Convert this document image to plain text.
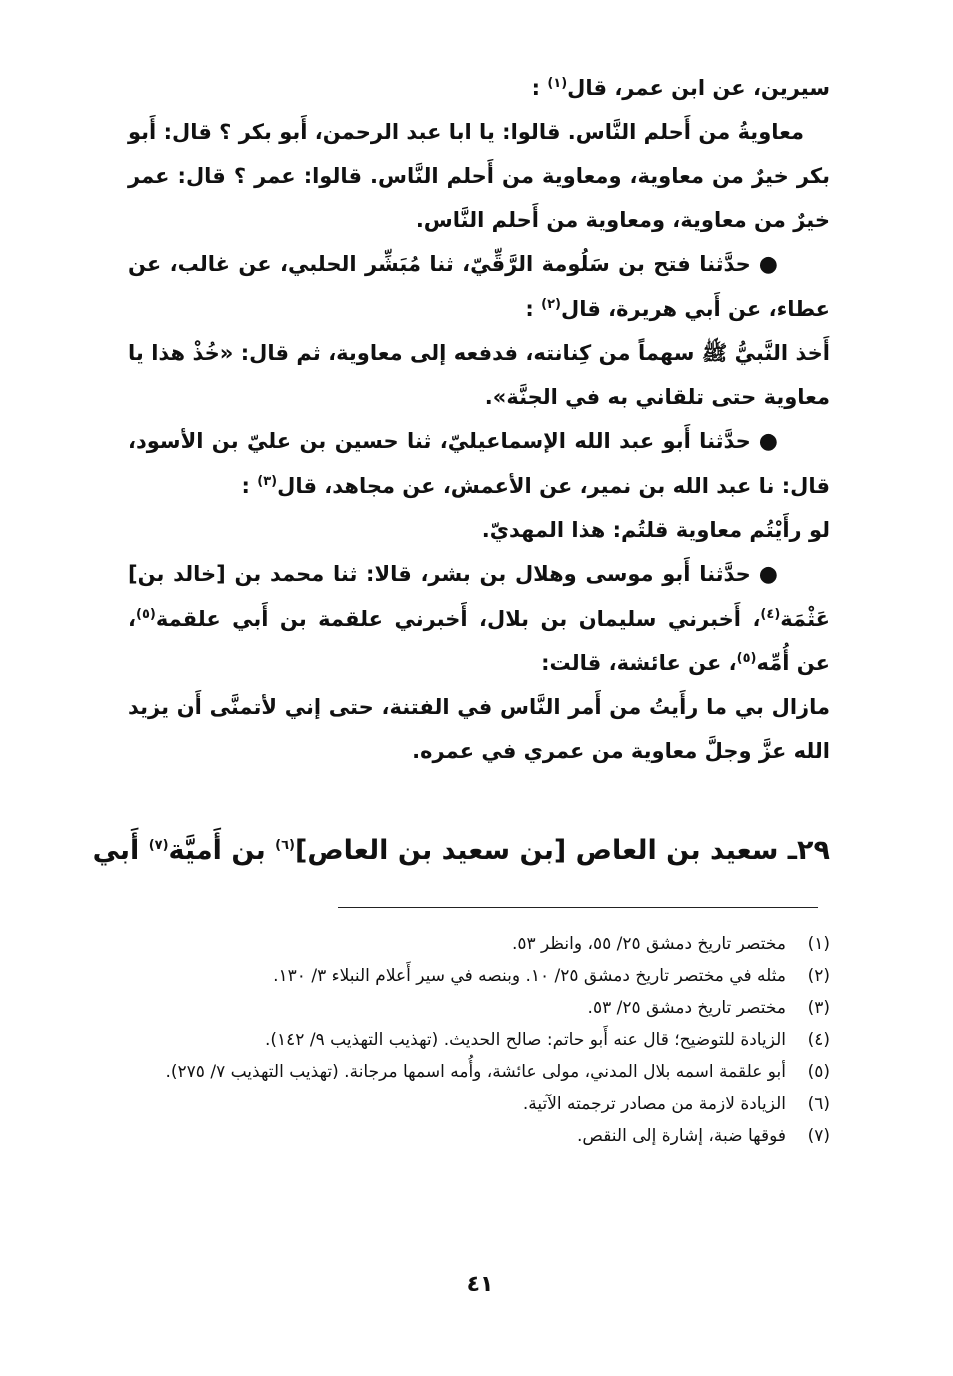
سيرين، عن ابن عمر، قال$^{(١)}$ :

معاويةُ من أَحلم النَّاس. قالوا: يا ابا عبد الرحمن، أَبو بكر ؟ قال: أَبو بكر خيرٌ من معاوية، ومعاوية من أَحلم النَّاس. قالوا: عمر ؟ قال: عمر خيرٌ من معاوية، ومعاوية من أَحلم النَّاس.

●حدَّثنا فتح بن سَلُومة الرَّقِّيّ، ثنا مُبَشِّر الحلبي، عن غالب، عن عطاء، عن أَبي هريرة، قال$^{(٢)}$ :

أَخذ النَّبيُّ ﷺ سهماً من كِنانته، فدفعه إلى معاوية، ثم قال: «خُذْ هذا يا معاوية حتى تلقاني به في الجنَّة».

●حدَّثنا أَبو عبد الله الإسماعيليّ، ثنا حسين بن عليّ بن الأسود، قال: نا عبد الله بن نمير، عن الأعمش، عن مجاهد، قال$^{(٣)}$ :

لو رأَيْتُم معاوية قلتُم: هذا المهديّ.

●حدَّثنا أَبو موسى وهلال بن بشر، قالا: ثنا محمد بن [خالد بن] عَثْمَة$^{(٤)}$، أَخبرني سليمان بن بلال، أَخبرني علقمة بن أَبي علقمة$^{(٥)}$، عن أُمِّه$^{(٥)}$، عن عائشة، قالت:

مازال بي ما رأَيتُ من أَمر النَّاس في الفتنة، حتى إني لأتمنَّى أَن يزيد الله عزَّ وجلَّ معاوية من عمري في عمره.

٢٩ـ سعيد بن العاص [بن سعيد بن العاص]$^{(٦)}$ بن أَميَّة$^{(٧)}$ أَبي
(١)
مختصر تاريخ دمشق ٢٥/ ٥٥، وانظر ٥٣.
(٢)
مثله في مختصر تاريخ دمشق ٢٥/ ١٠. وبنصه في سير أَعلام النبلاء ٣/ ١٣٠.
(٣)
مختصر تاريخ دمشق ٢٥/ ٥٣.
(٤)
الزيادة للتوضيح؛ قال عنه أَبو حاتم: صالح الحديث. (تهذيب التهذيب ٩/ ١٤٢).
(٥)
أبو علقمة اسمه بلال المدني، مولى عائشة، وأُمه اسمها مرجانة. (تهذيب التهذيب ٧/ ٢٧٥).
(٦)
الزيادة لازمة من مصادر ترجمته الآتية.
(٧)
فوقها ضبة، إشارة إلى النقص.
٤١
